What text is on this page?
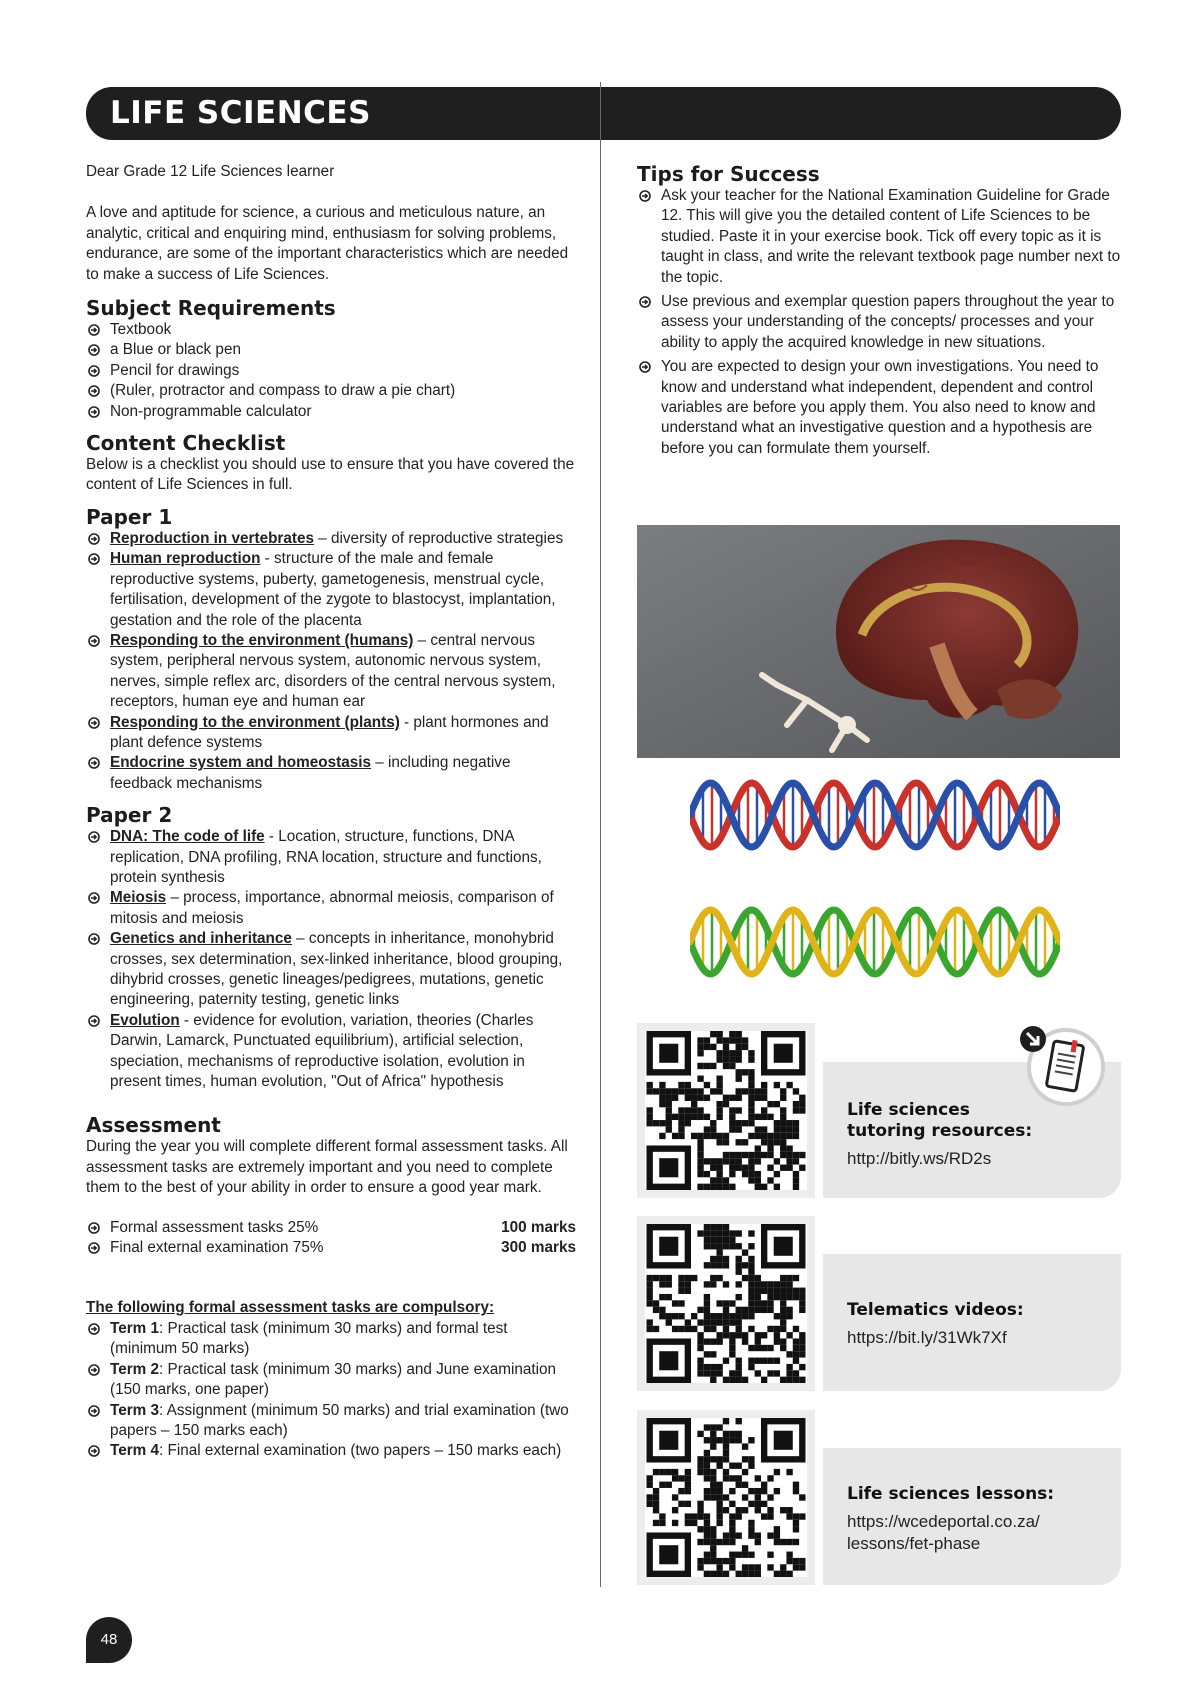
LIFE SCIENCES

Dear Grade 12 Life Sciences learner

A love and aptitude for science, a curious and meticulous nature, an analytic, critical and enquiring mind, enthusiasm for solving problems, endurance, are some of the important characteristics which are needed to make a success of Life Sciences.

Subject Requirements
Textbook
a Blue or black pen
Pencil for drawings
(Ruler, protractor and compass to draw a pie chart)
Non-programmable calculator
Content Checklist

Below is a checklist you should use to ensure that you have covered the content of Life Sciences in full.

Paper 1
Reproduction in vertebrates – diversity of reproductive strategies
Human reproduction - structure of the male and female reproductive systems, puberty, gametogenesis, menstrual cycle, fertilisation, development of the zygote to blastocyst, implantation, gestation and the role of the placenta
Responding to the environment (humans) – central nervous system, peripheral nervous system, autonomic nervous system, nerves, simple reflex arc, disorders of the central nervous system, receptors, human eye and human ear
Responding to the environment (plants) - plant hormones and plant defence systems
Endocrine system and homeostasis – including negative feedback mechanisms
Paper 2
DNA: The code of life - Location, structure, functions, DNA replication, DNA profiling, RNA location, structure and functions, protein synthesis
Meiosis – process, importance, abnormal meiosis, comparison of mitosis and meiosis
Genetics and inheritance – concepts in inheritance, monohybrid crosses, sex determination, sex-linked inheritance, blood grouping, dihybrid crosses, genetic lineages/pedigrees, mutations, genetic engineering, paternity testing, genetic links
Evolution - evidence for evolution, variation, theories (Charles Darwin, Lamarck, Punctuated equilibrium), artificial selection, speciation, mechanisms of reproductive isolation, evolution in present times, human evolution, "Out of Africa" hypothesis
Assessment

During the year you will complete different formal assessment tasks. All assessment tasks are extremely important and you need to complete them to the best of your ability in order to ensure a good year mark.

Formal assessment tasks 25%	100 marks
Final external examination 75%	300 marks

The following formal assessment tasks are compulsory:

Term 1: Practical task (minimum 30 marks) and formal test (minimum 50 marks)
Term 2: Practical task (minimum 30 marks) and June examination (150 marks, one paper)
Term 3: Assignment (minimum 50 marks) and trial examination (two papers – 150 marks each)
Term 4: Final external examination (two papers – 150 marks each)
Tips for Success
Ask your teacher for the National Examination Guideline for Grade 12. This will give you the detailed content of Life Sciences to be studied. Paste it in your exercise book. Tick off every topic as it is taught in class, and write the relevant textbook page number next to the topic.
Use previous and exemplar question papers throughout the year to assess your understanding of the concepts/ processes and your ability to apply the acquired knowledge in new situations.
You are expected to design your own investigations. You need to know and understand what independent, dependent and control variables are before you apply them. You also need to know and understand what an investigative question and a hypothesis are before you can formulate them yourself.
Life sciences tutoring resources:
http://bitly.ws/RD2s
Telematics videos:
https://bit.ly/31Wk7Xf
Life sciences lessons:
https://wcedeportal.co.za/ lessons/fet-phase
48
